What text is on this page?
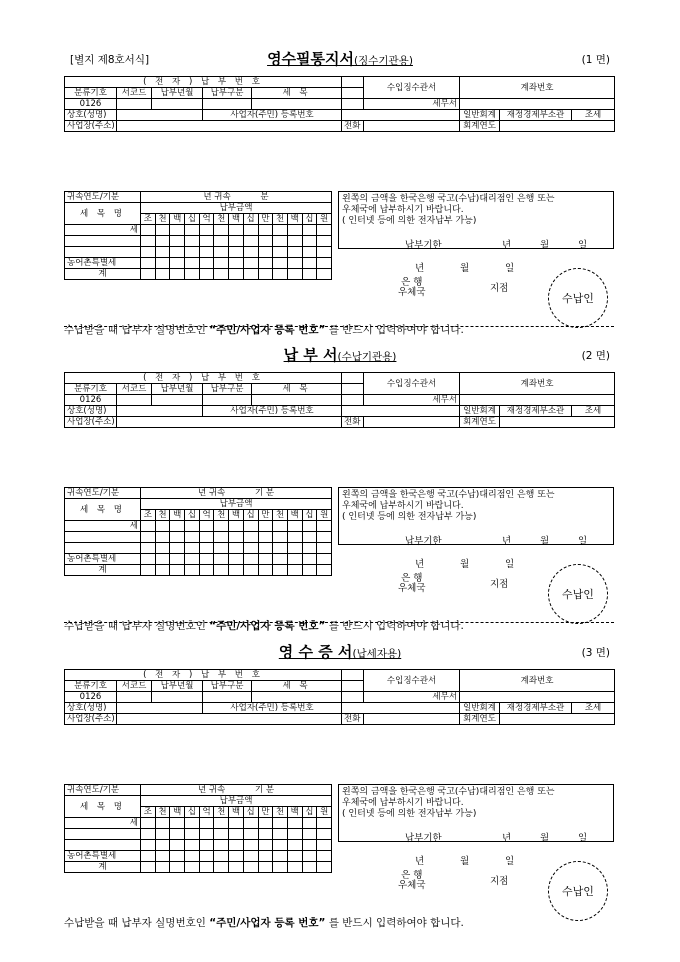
[별지 제8호서식]	영수필통지서(징수기관용)	(1 면)
( 전 자 ) 납 부 번 호						수입징수관서	계좌번호		
분류기호	서코드	납부년월	납부구분	세 목					
0126						세무서			
상호(성명)			사업자(주민) 등록번호				일반회계	재정경제부소관	조세
사업장(주소)					전화		회계연도		
귀속연도/기분	년 귀속 분												
세 목 명	납부금액												
	조	천	백	십	억	천	백	십	만	천	백	십	원
세													

농어촌특별세													
계													
왼쪽의 금액을 한국은행 국고(수납)대리점인 은행 또는
우체국에 납부하시기 바랍니다.
( 인터넷 등에 의한 전자납부 가능)
납부기한	년	월	일
년	월	일
은 행
우체국	지점
수납인
수납받을 때 납부자 실명번호인 “주민/사업자 등록 번호” 를 반드시 입력하여야 합니다.
납 부 서(수납기관용)	(2 면)
( 전 자 ) 납 부 번 호						수입징수관서	계좌번호		
분류기호	서코드	납부년월	납부구분	세 목					
0126						세무서			
상호(성명)			사업자(주민) 등록번호				일반회계	재정경제부소관	조세
사업장(주소)					전화		회계연도		
귀속연도/기분	년 귀속 기 분												
세 목 명	납부금액												
	조	천	백	십	억	천	백	십	만	천	백	십	원
세													

농어촌특별세													
계													
왼쪽의 금액을 한국은행 국고(수납)대리점인 은행 또는
우체국에 납부하시기 바랍니다.
( 인터넷 등에 의한 전자납부 가능)
납부기한	년	월	일
년	월	일
은 행
우체국	지점
수납인
수납받을 때 납부자 실명번호인 “주민/사업자 등록 번호” 를 반드시 입력하여야 합니다.
영 수 증 서(납세자용)	(3 면)
( 전 자 ) 납 부 번 호						수입징수관서	계좌번호		
분류기호	서코드	납부년월	납부구분	세 목					
0126						세무서			
상호(성명)			사업자(주민) 등록번호				일반회계	재정경제부소관	조세
사업장(주소)					전화		회계연도		
귀속연도/기분	년 귀속 기 분												
세 목 명	납부금액												
	조	천	백	십	억	천	백	십	만	천	백	십	원
세													

농어촌특별세													
계													
왼쪽의 금액을 한국은행 국고(수납)대리점인 은행 또는
우체국에 납부하시기 바랍니다.
( 인터넷 등에 의한 전자납부 가능)
납부기한	년	월	일
년	월	일
은 행
우체국	지점
수납인
수납받을 때 납부자 실명번호인 “주민/사업자 등록 번호” 를 반드시 입력하여야 합니다.
